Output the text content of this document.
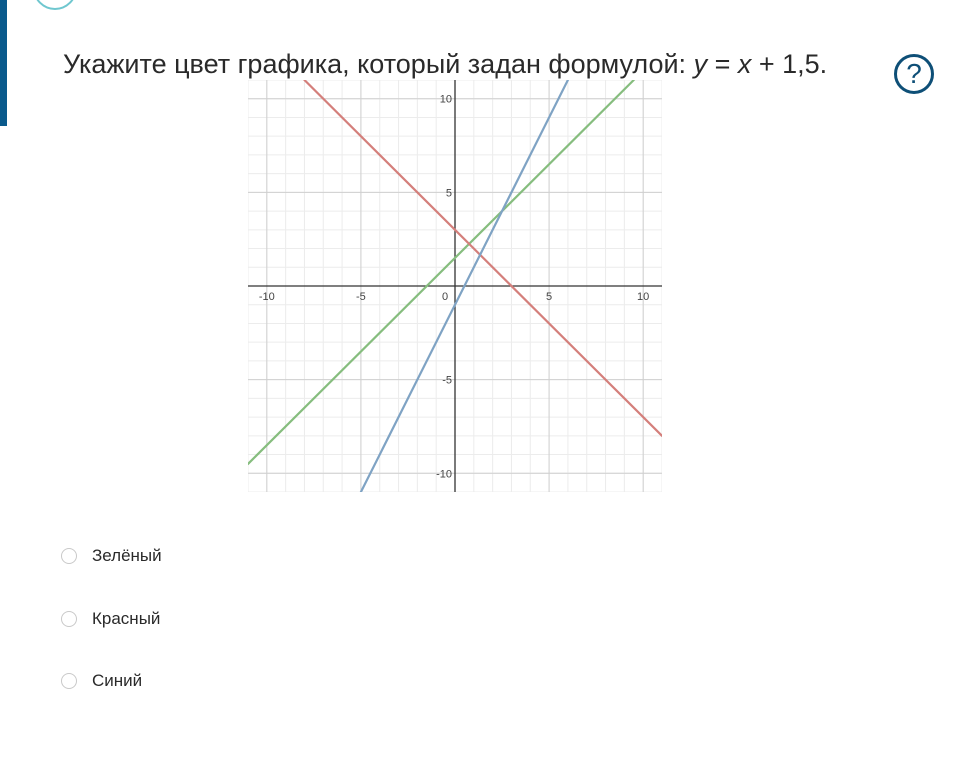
Укажите цвет графика, который задан формулой: y = x + 1,5.	?
-10	-5	0	5	10
10
5
-5
-10
Зелёный
Красный
Синий
